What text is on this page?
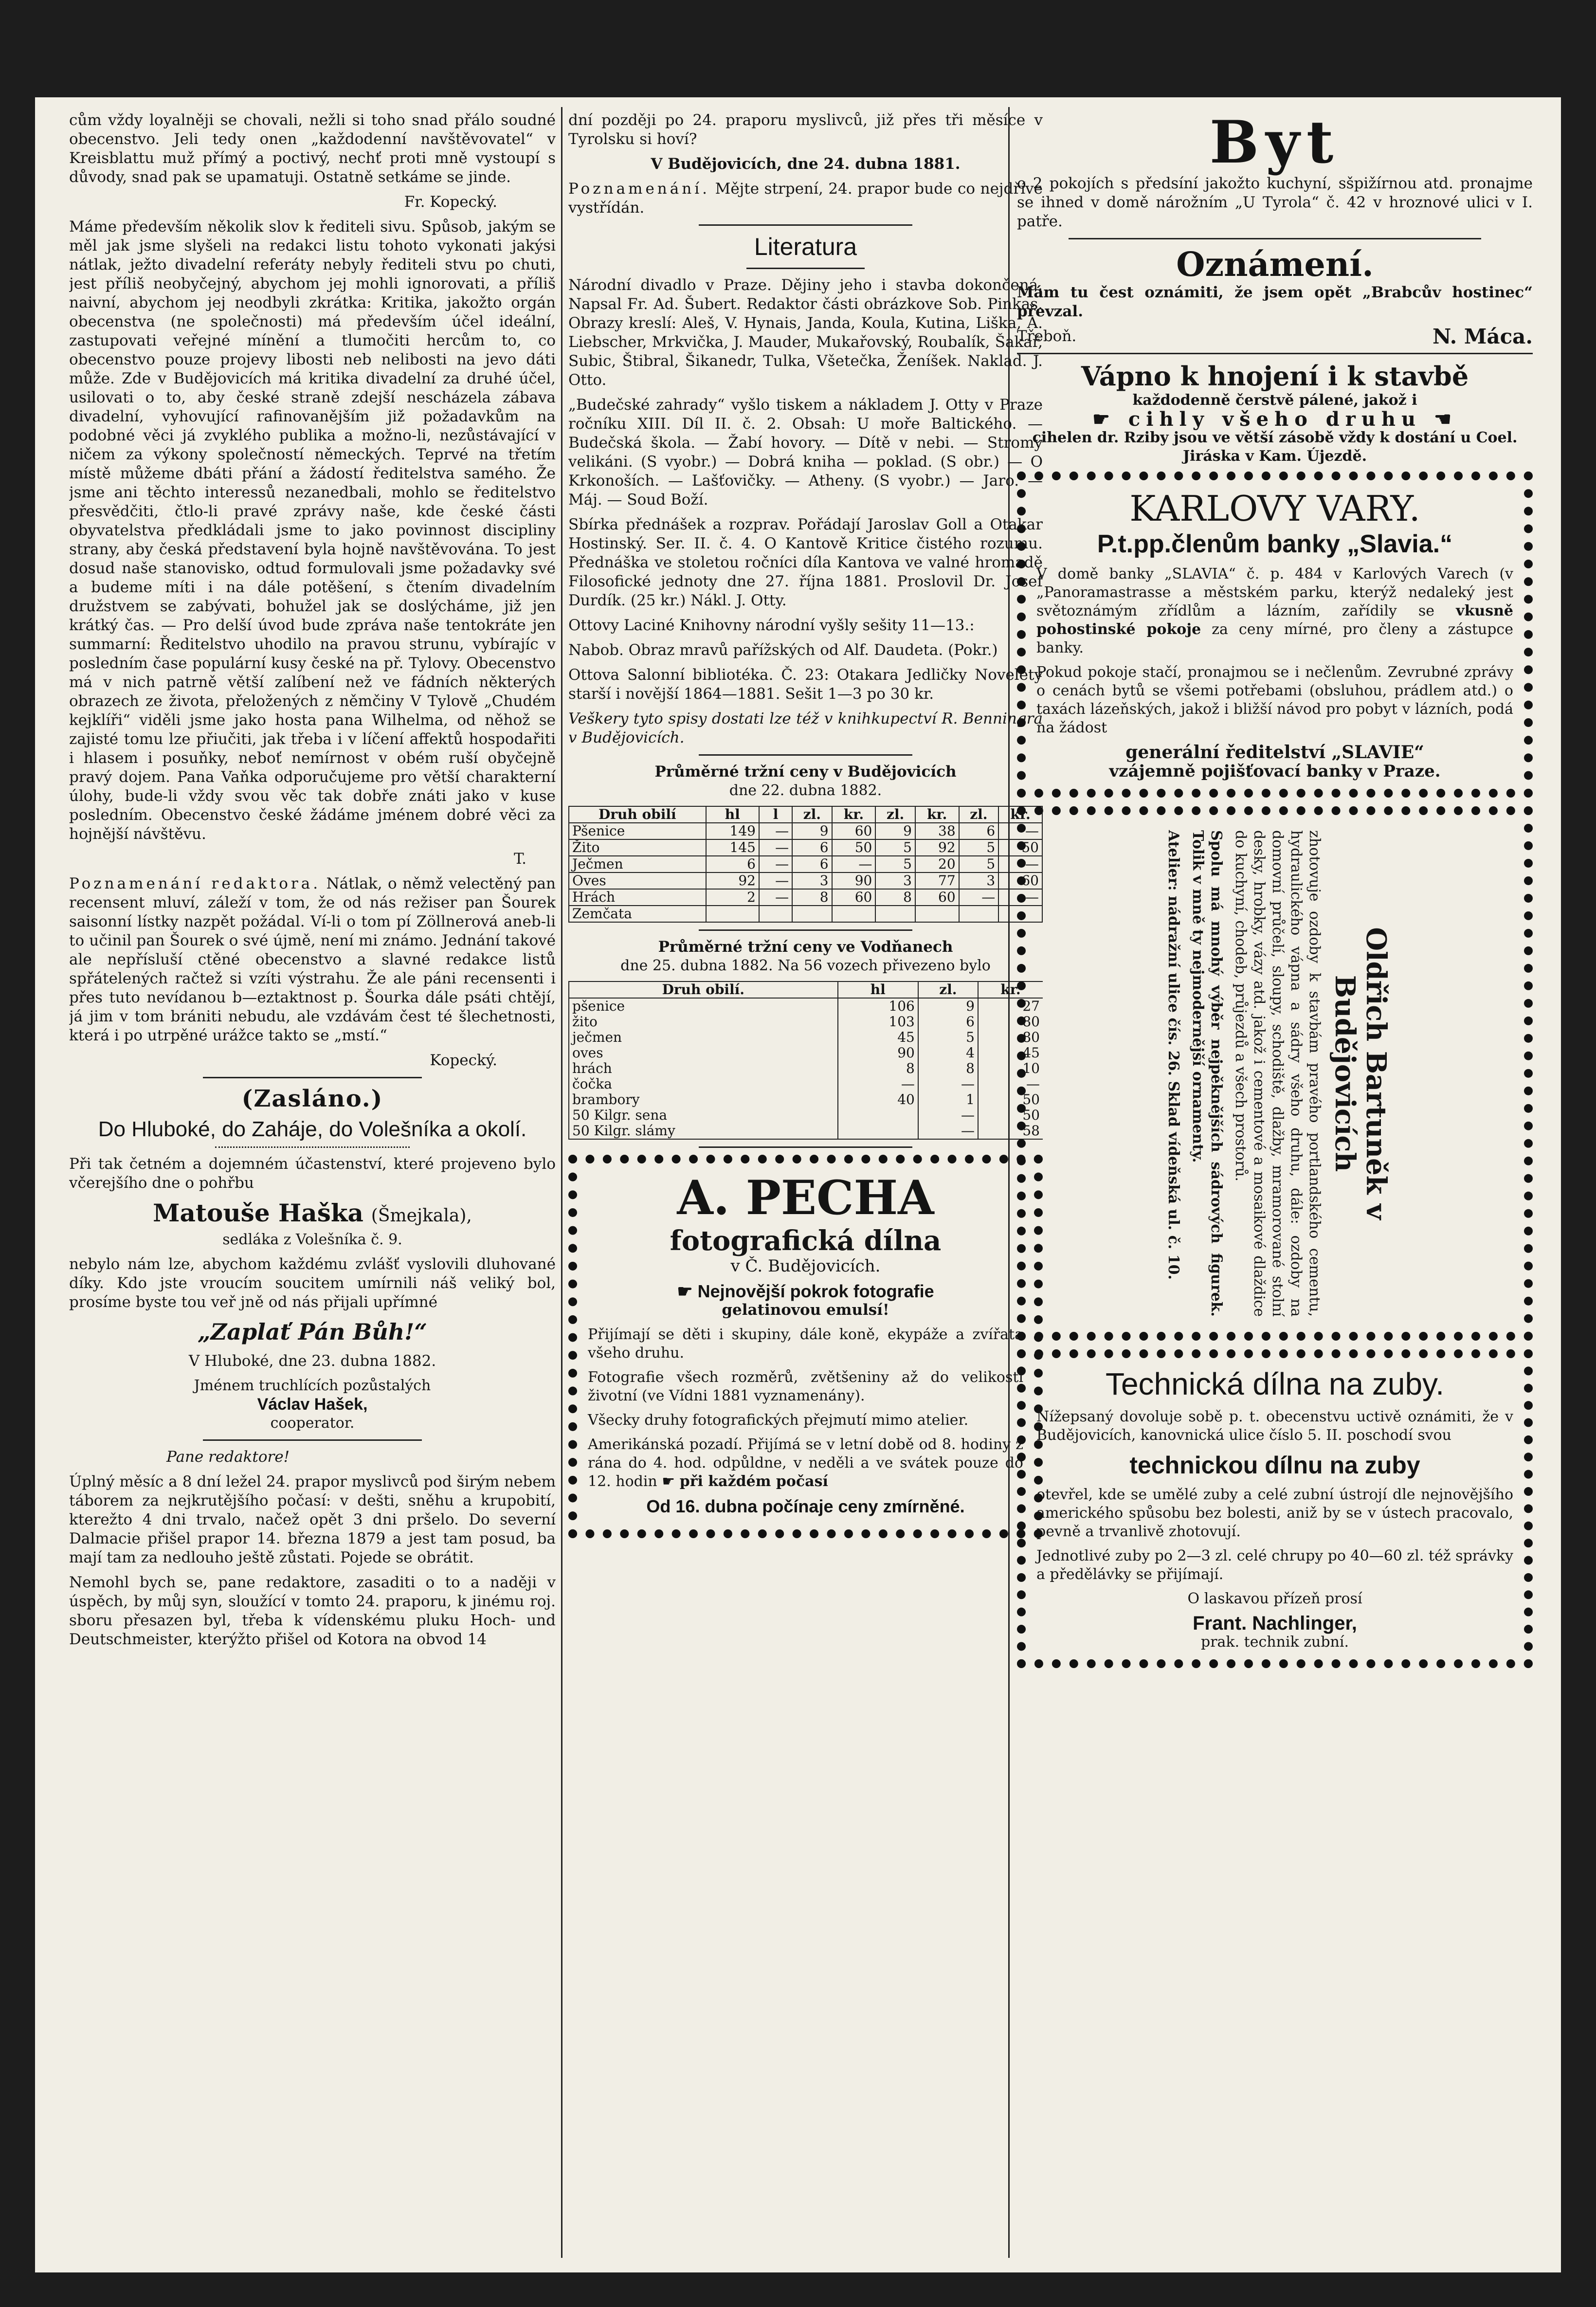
cům vždy loyalněji se chovali, nežli si toho snad přálo soudné obecenstvo. Jeli tedy onen „každodenní navštěvovatel“ v Kreisblattu muž přímý a poctivý, nechť proti mně vystoupí s důvody, snad pak se upamatuji. Ostatně setkáme se jinde.

Fr. Kopecký.

Máme především několik slov k řediteli sivu. Spůsob, jakým se měl jak jsme slyšeli na redakci listu tohoto vykonati jakýsi nátlak, ježto divadelní referáty nebyly řediteli stvu po chuti, jest příliš neobyčejný, abychom jej mohli ignorovati, a příliš naivní, abychom jej neodbyli zkrátka: Kritika, jakožto orgán obecenstva (ne společnosti) má především účel ideální, zastupovati veřejné mínění a tlumočiti hercům to, co obecenstvo pouze projevy libosti neb nelibosti na jevo dáti může. Zde v Budějovicích má kritika divadelní za druhé účel, usilovati o to, aby české straně zdejší nescházela zábava divadelní, vyhovující rafinovanějším již požadavkům na podobné věci já zvyklého publika a možno-li, nezůstávající v ničem za výkony společností německých. Teprvé na třetím místě můžeme dbáti přání a žádostí ředitelstva samého. Že jsme ani těchto interessů nezanedbali, mohlo se ředitelstvo přesvědčiti, čtlo-li pravé zprávy naše, kde české části obyvatelstva předkládali jsme to jako povinnost discipliny strany, aby česká představení byla hojně navštěvována. To jest dosud naše stanovisko, odtud formulovali jsme požadavky své a budeme míti i na dále potěšení, s čtením divadelním družstvem se zabývati, bohužel jak se doslýcháme, již jen krátký čas. — Pro delší úvod bude zpráva naše tentokráte jen summarní: Ředitelstvo uhodilo na pravou strunu, vybírajíc v posledním čase populární kusy české na př. Tylovy. Obecenstvo má v nich patrně větší zalíbení než ve fádních některých obrazech ze života, přeložených z němčiny V Tylově „Chudém kejklíři“ viděli jsme jako hosta pana Wilhelma, od něhož se zajisté tomu lze přiučiti, jak třeba i v líčení affektů hospodařiti i hlasem i posuňky, neboť nemírnost v obém ruší obyčejně pravý dojem. Pana Vaňka odporučujeme pro větší charakterní úlohy, bude-li vždy svou věc tak dobře znáti jako v kuse posledním. Obecenstvo české žádáme jménem dobré věci za hojnější návštěvu.

T.

Poznamenání redaktora. Nátlak, o němž velectěný pan recensent mluví, záleží v tom, že od nás režiser pan Šourek saisonní lístky nazpět požádal. Ví-li o tom pí Zöllnerová aneb-li to učinil pan Šourek o své újmě, není mi známo. Jednání takové ale nepřísluší ctěné obecenstvo a slavné redakce listů spřátelených račtež si vzíti výstrahu. Že ale páni recensenti i přes tuto nevídanou b—eztaktnost p. Šourka dále psáti chtějí, já jim v tom brániti nebudu, ale vzdávám čest té šlechetnosti, která i po utrpěné urážce takto se „mstí.“

Kopecký.

(Zasláno.)
Do Hluboké, do Zaháje, do Volešníka a okolí.

Při tak četném a dojemném účastenství, které projeveno bylo včerejšího dne o pohřbu

Matouše Haška (Šmejkala),

sedláka z Volešníka č. 9.

nebylo nám lze, abychom každému zvlášť vyslovili dluhované díky. Kdo jste vroucím soucitem umírnili náš veliký bol, prosíme byste tou veř jně od nás přijali upřímné

„Zaplať Pán Bůh!“

V Hluboké, dne 23. dubna 1882.

Jménem truchlících pozůstalých

Václav Hašek,

cooperator.

Pane redaktore!

Úplný měsíc a 8 dní ležel 24. prapor myslivců pod širým nebem táborem za nejkrutějšího počasí: v dešti, sněhu a krupobití, kterežto 4 dni trvalo, načež opět 3 dni pršelo. Do severní Dalmacie přišel prapor 14. března 1879 a jest tam posud, ba mají tam za nedlouho ještě zůstati. Pojede se obrátit.

Nemohl bych se, pane redaktore, zasaditi o to a naději v úspěch, by můj syn, sloužící v tomto 24. praporu, k jinému roj. sboru přesazen byl, třeba k vídenskému pluku Hoch- und Deutschmeister, kterýžto přišel od Kotora na obvod 14

dní později po 24. praporu myslivců, již přes tři měsíce v Tyrolsku si hoví?

V Budějovicích, dne 24. dubna 1881.

Poznamenání. Mějte strpení, 24. prapor bude co nejdříve vystřídán.

Literatura

Národní divadlo v Praze. Dějiny jeho i stavba dokončená. Napsal Fr. Ad. Šubert. Redaktor části obrázkove Sob. Pinkas. Obrazy kreslí: Aleš, V. Hynais, Janda, Koula, Kutina, Liška, A. Liebscher, Mrkvička, J. Mauder, Mukařovský, Roubalík, Šakař, Subic, Štibral, Šikanedr, Tulka, Všetečka, Ženíšek. Naklad. J. Otto.

„Budečské zahrady“ vyšlo tiskem a nákladem J. Otty v Praze ročníku XIII. Díl II. č. 2. Obsah: U moře Baltického. — Budečská škola. — Žabí hovory. — Dítě v nebi. — Stromy velikáni. (S vyobr.) — Dobrá kniha — poklad. (S obr.) — O Krkonoších. — Lašťovičky. — Atheny. (S vyobr.) — Jaro. — Máj. — Soud Boží.

Sbírka přednášek a rozprav. Pořádají Jaroslav Goll a Otakar Hostinský. Ser. II. č. 4. O Kantově Kritice čistého rozumu. Přednáška ve stoletou ročníci díla Kantova ve valné hromadě Filosofické jednoty dne 27. října 1881. Proslovil Dr. Josef Durdík. (25 kr.) Nákl. J. Otty.

Ottovy Laciné Knihovny národní vyšly sešity 11—13.:

Nabob. Obraz mravů pařížských od Alf. Daudeta. (Pokr.)

Ottova Salonní bibliotéka. Č. 23: Otakara Jedličky Novelety starší i novější 1864—1881. Sešit 1—3 po 30 kr.

Veškery tyto spisy dostati lze též v knihkupectví R. Benningra v Budějovicích.

Průměrné tržní ceny v Budějovicích

dne 22. dubna 1882.

Druh obilí	hl	l	zl.	kr.	zl.	kr.	zl.	kr.
Pšenice	149	—	9	60	9	38	6	—
Žito	145	—	6	50	5	92	5	50
Ječmen	6	—	6	—	5	20	5	—
Oves	92	—	3	90	3	77	3	60
Hrách	2	—	8	60	8	60	—	—
Zemčata								

Průměrné tržní ceny ve Vodňanech

dne 25. dubna 1882. Na 56 vozech přivezeno bylo

Druh obilí.	hl	zl.	kr.
pšenice	106	9	27
žito	103	6	80
ječmen	45	5	80
oves	90	4	45
hrách	8	8	10
čočka	—	—	—
brambory	40	1	50
50 Kilgr. sena		—	50
50 Kilgr. slámy		—	58

A. PECHA

fotografická dílna

v Č. Budějovicích.

☛ Nejnovější pokrok fotografie

gelatinovou emulsí!

Přijímají se děti i skupiny, dále koně, ekypáže a zvířata všeho druhu.

Fotografie všech rozměrů, zvětšeniny až do velikosti životní (ve Vídni 1881 vyznamenány).

Všecky druhy fotografických přejmutí mimo atelier.

Amerikánská pozadí. Přijímá se v letní době od 8. hodiny z rána do 4. hod. odpůldne, v neděli a ve svátek pouze do 12. hodin ☛ při každém počasí

Od 16. dubna počínaje ceny zmírněné.

Byt

o 2 pokojích s předsíní jakožto kuchyní, sšpižírnou atd. pronajme se ihned v domě nárožním „U Tyrola“ č. 42 v hroznové ulici v I. patře.

Oznámení.

Mám tu čest oznámiti, že jsem opět „Brabcův hostinec“ převzal.

Třeboň.	N. Máca.

Vápno k hnojení i k stavbě

každodenně čerstvě pálené, jakož i

☛ cihly všeho druhu ☚

cihelen dr. Rziby jsou ve větší zásobě vždy k dostání u Coel. Jiráska v Kam. Újezdě.

KARLOVY VARY.

P.t.pp.členům banky „Slavia.“

V domě banky „SLAVIA“ č. p. 484 v Karlových Varech (v „Panoramastrasse a městském parku, kterýž nedaleký jest světoznámým zřídlům a lázním, zařídily se vkusně pohostinské pokoje za ceny mírné, pro členy a zástupce banky.

Pokud pokoje stačí, pronajmou se i nečlenům. Zevrubné zprávy o cenách bytů se všemi potřebami (obsluhou, prádlem atd.) o taxách lázeňských, jakož i bližší návod pro pobyt v lázních, podá na žádost

generální ředitelství „SLAVIE“

vzájemně pojišťovací banky v Praze.

Oldřich Bartuněk v Budějovicích

zhotovuje ozdoby k stavbám pravého portlandského cementu, hydraulického vápna a sádry všeho druhu, dále: ozdoby na domovní průčelí, sloupy, schodiště, dlažby, mramorované stolní desky, hrobky, vázy atd. jakož i cementové a mosaikové dlaždice do kuchyní, chodeb, průjezdů a všech prostorů.

Spolu má mnohý výběr nejpěknějších sádrových figurek. Tolik v mně ty nejmodernější ornamenty.

Atelier: nádražní ulice čís. 26. Sklad vídeňská ul. č. 10.

Technická dílna na zuby.

Nížepsaný dovoluje sobě p. t. obecenstvu uctivě oznámiti, že v Budějovicích, kanovnická ulice číslo 5. II. poschodí svou

technickou dílnu na zuby

otevřel, kde se umělé zuby a celé zubní ústrojí dle nejnovějšího amerického spůsobu bez bolesti, aniž by se v ústech pracovalo, pevně a trvanlivě zhotovují.

Jednotlivé zuby po 2—3 zl. celé chrupy po 40—60 zl. též správky a předělávky se přijímají.

O laskavou přízeň prosí

Frant. Nachlinger,

prak. technik zubní.
